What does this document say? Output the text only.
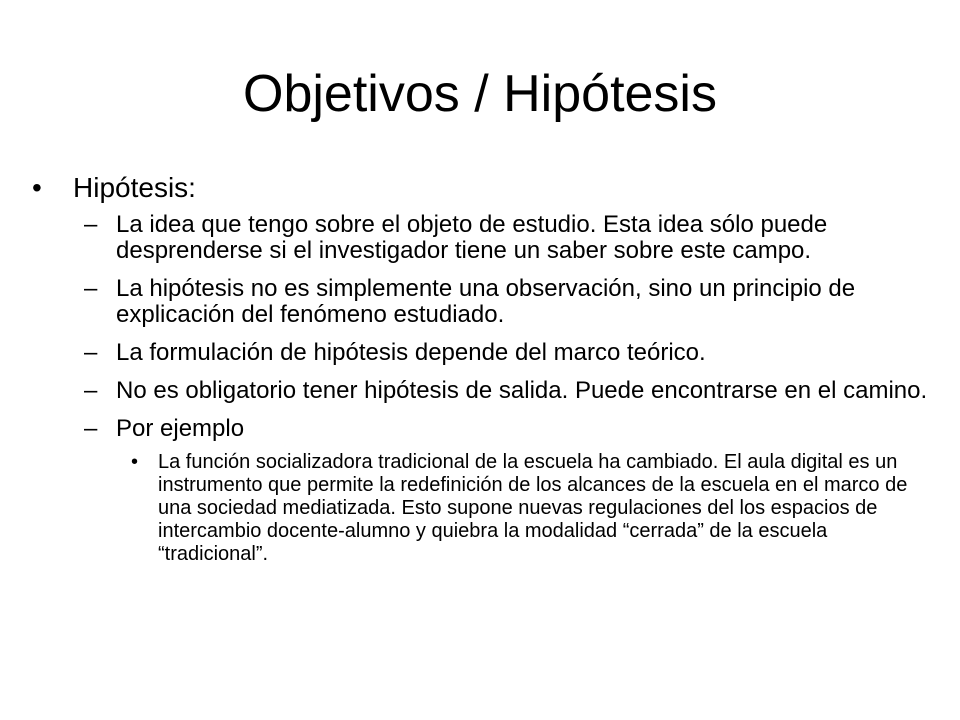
Objetivos / Hipótesis
• Hipótesis:
– La idea que tengo sobre el objeto de estudio. Esta idea sólo puede desprenderse si el investigador tiene un saber sobre este campo.
– La hipótesis no es simplemente una observación, sino un principio de explicación del fenómeno estudiado.
– La formulación de hipótesis depende del marco teórico.
– No es obligatorio tener hipótesis de salida. Puede encontrarse en el camino.
– Por ejemplo
• La función socializadora tradicional de la escuela ha cambiado. El aula digital es un instrumento que permite la redefinición de los alcances de la escuela en el marco de una sociedad mediatizada. Esto supone nuevas regulaciones del los espacios de intercambio docente-alumno y quiebra la modalidad “cerrada” de la escuela “tradicional”.
